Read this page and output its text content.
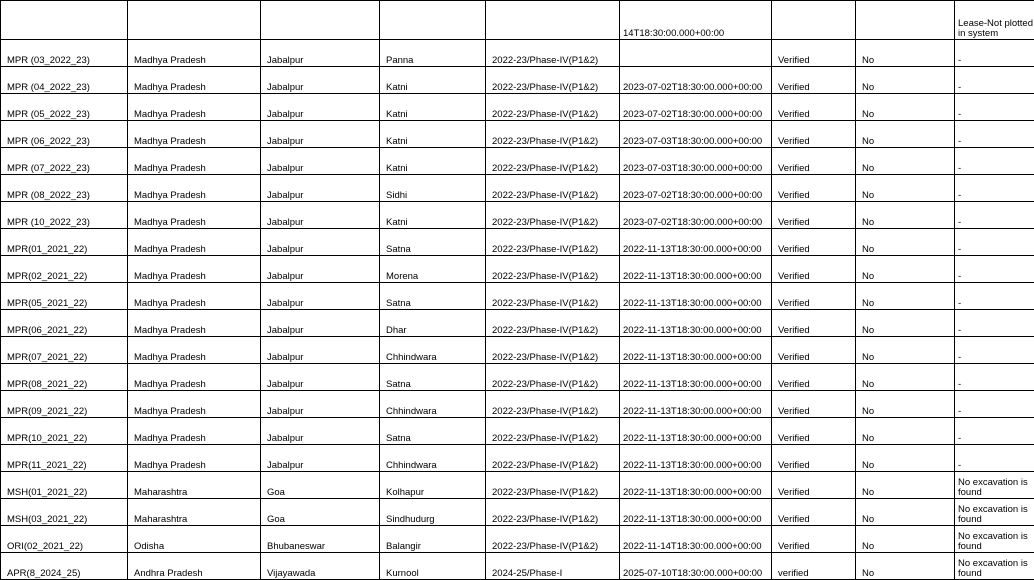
					14T18:30:00.000+00:00			Lease-Not plotted in system
MPR (03_2022_23)	Madhya Pradesh	Jabalpur	Panna	2022-23/Phase-IV(P1&2)		Verified	No	-
MPR (04_2022_23)	Madhya Pradesh	Jabalpur	Katni	2022-23/Phase-IV(P1&2)	2023-07-02T18:30:00.000+00:00	Verified	No	-
MPR (05_2022_23)	Madhya Pradesh	Jabalpur	Katni	2022-23/Phase-IV(P1&2)	2023-07-02T18:30:00.000+00:00	Verified	No	-
MPR (06_2022_23)	Madhya Pradesh	Jabalpur	Katni	2022-23/Phase-IV(P1&2)	2023-07-03T18:30:00.000+00:00	Verified	No	-
MPR (07_2022_23)	Madhya Pradesh	Jabalpur	Katni	2022-23/Phase-IV(P1&2)	2023-07-03T18:30:00.000+00:00	Verified	No	-
MPR (08_2022_23)	Madhya Pradesh	Jabalpur	Sidhi	2022-23/Phase-IV(P1&2)	2023-07-02T18:30:00.000+00:00	Verified	No	-
MPR (10_2022_23)	Madhya Pradesh	Jabalpur	Katni	2022-23/Phase-IV(P1&2)	2023-07-02T18:30:00.000+00:00	Verified	No	-
MPR(01_2021_22)	Madhya Pradesh	Jabalpur	Satna	2022-23/Phase-IV(P1&2)	2022-11-13T18:30:00.000+00:00	Verified	No	-
MPR(02_2021_22)	Madhya Pradesh	Jabalpur	Morena	2022-23/Phase-IV(P1&2)	2022-11-13T18:30:00.000+00:00	Verified	No	-
MPR(05_2021_22)	Madhya Pradesh	Jabalpur	Satna	2022-23/Phase-IV(P1&2)	2022-11-13T18:30:00.000+00:00	Verified	No	-
MPR(06_2021_22)	Madhya Pradesh	Jabalpur	Dhar	2022-23/Phase-IV(P1&2)	2022-11-13T18:30:00.000+00:00	Verified	No	-
MPR(07_2021_22)	Madhya Pradesh	Jabalpur	Chhindwara	2022-23/Phase-IV(P1&2)	2022-11-13T18:30:00.000+00:00	Verified	No	-
MPR(08_2021_22)	Madhya Pradesh	Jabalpur	Satna	2022-23/Phase-IV(P1&2)	2022-11-13T18:30:00.000+00:00	Verified	No	-
MPR(09_2021_22)	Madhya Pradesh	Jabalpur	Chhindwara	2022-23/Phase-IV(P1&2)	2022-11-13T18:30:00.000+00:00	Verified	No	-
MPR(10_2021_22)	Madhya Pradesh	Jabalpur	Satna	2022-23/Phase-IV(P1&2)	2022-11-13T18:30:00.000+00:00	Verified	No	-
MPR(11_2021_22)	Madhya Pradesh	Jabalpur	Chhindwara	2022-23/Phase-IV(P1&2)	2022-11-13T18:30:00.000+00:00	Verified	No	-
MSH(01_2021_22)	Maharashtra	Goa	Kolhapur	2022-23/Phase-IV(P1&2)	2022-11-13T18:30:00.000+00:00	Verified	No	No excavation is found
MSH(03_2021_22)	Maharashtra	Goa	Sindhudurg	2022-23/Phase-IV(P1&2)	2022-11-13T18:30:00.000+00:00	Verified	No	No excavation is found
ORI(02_2021_22)	Odisha	Bhubaneswar	Balangir	2022-23/Phase-IV(P1&2)	2022-11-14T18:30:00.000+00:00	Verified	No	No excavation is found
APR(8_2024_25)	Andhra Pradesh	Vijayawada	Kurnool	2024-25/Phase-I	2025-07-10T18:30:00.000+00:00	verified	No	No excavation is found
